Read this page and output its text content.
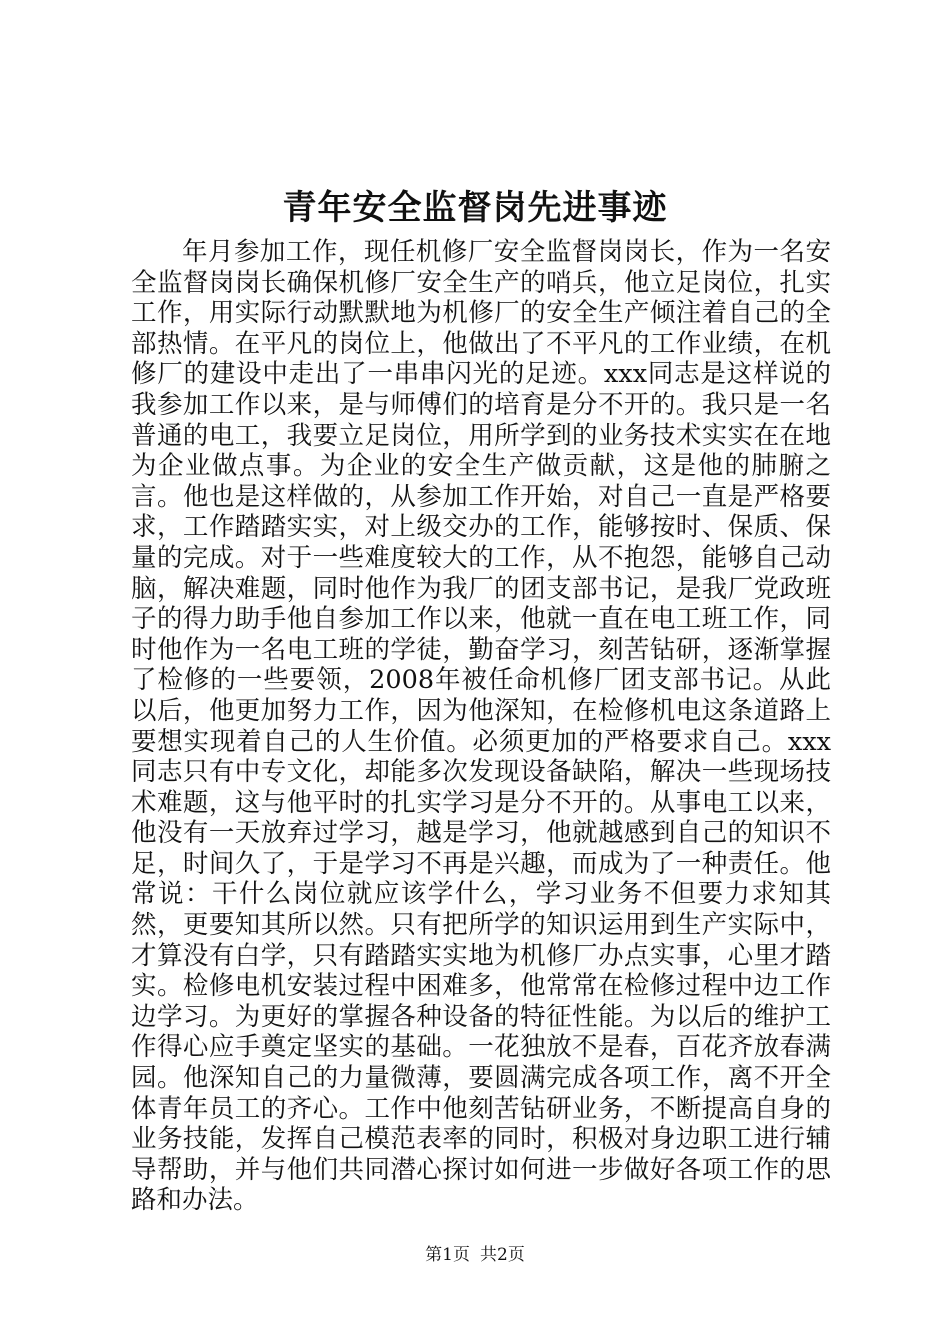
青年安全监督岗先进事迹

年月参加工作，现任机修厂安全监督岗岗长，作为一名安全监督岗岗长确保机修厂安全生产的哨兵，他立足岗位，扎实工作，用实际行动默默地为机修厂的安全生产倾注着自己的全部热情。在平凡的岗位上，他做出了不平凡的工作业绩，在机修厂的建设中走出了一串串闪光的足迹。xxx同志是这样说的我参加工作以来，是与师傅们的培育是分不开的。我只是一名普通的电工，我要立足岗位，用所学到的业务技术实实在在地为企业做点事。为企业的安全生产做贡献，这是他的肺腑之言。他也是这样做的，从参加工作开始，对自己一直是严格要求，工作踏踏实实，对上级交办的工作，能够按时、保质、保量的完成。对于一些难度较大的工作，从不抱怨，能够自己动脑，解决难题，同时他作为我厂的团支部书记，是我厂党政班子的得力助手他自参加工作以来，他就一直在电工班工作，同时他作为一名电工班的学徒，勤奋学习，刻苦钻研，逐渐掌握了检修的一些要领，2008年被任命机修厂团支部书记。从此以后，他更加努力工作，因为他深知，在检修机电这条道路上要想实现着自己的人生价值。必须更加的严格要求自己。xxx同志只有中专文化，却能多次发现设备缺陷，解决一些现场技术难题，这与他平时的扎实学习是分不开的。从事电工以来，他没有一天放弃过学习，越是学习，他就越感到自己的知识不足，时间久了，于是学习不再是兴趣，而成为了一种责任。他常说：干什么岗位就应该学什么，学习业务不但要力求知其然，更要知其所以然。只有把所学的知识运用到生产实际中，才算没有白学，只有踏踏实实地为机修厂办点实事，心里才踏实。检修电机安装过程中困难多，他常常在检修过程中边工作边学习。为更好的掌握各种设备的特征性能。为以后的维护工作得心应手奠定坚实的基础。一花独放不是春，百花齐放春满园。他深知自己的力量微薄，要圆满完成各项工作，离不开全体青年员工的齐心。工作中他刻苦钻研业务，不断提高自身的业务技能，发挥自己模范表率的同时，积极对身边职工进行辅导帮助，并与他们共同潜心探讨如何进一步做好各项工作的思路和办法。

第1页 共2页
